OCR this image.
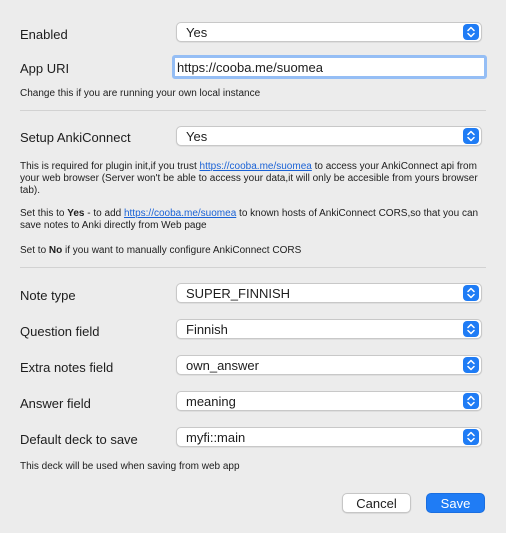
Enabled	Yes
App URI	https://cooba.me/suomea
Change this if you are running your own local instance
Setup AnkiConnect	Yes
This is required for plugin init,if you trust https://cooba.me/suomea to access your AnkiConnect api from your web browser (Server won't be able to access your data,it will only be accesible from yours browser tab).
Set this to Yes - to add https://cooba.me/suomea to known hosts of AnkiConnect CORS,so that you can save notes to Anki directly from Web page
Set to No if you want to manually configure AnkiConnect CORS
Note type	SUPER_FINNISH
Question field	Finnish
Extra notes field	own_answer
Answer field	meaning
Default deck to save	myfi::main
This deck will be used when saving from web app
Cancel	Save
